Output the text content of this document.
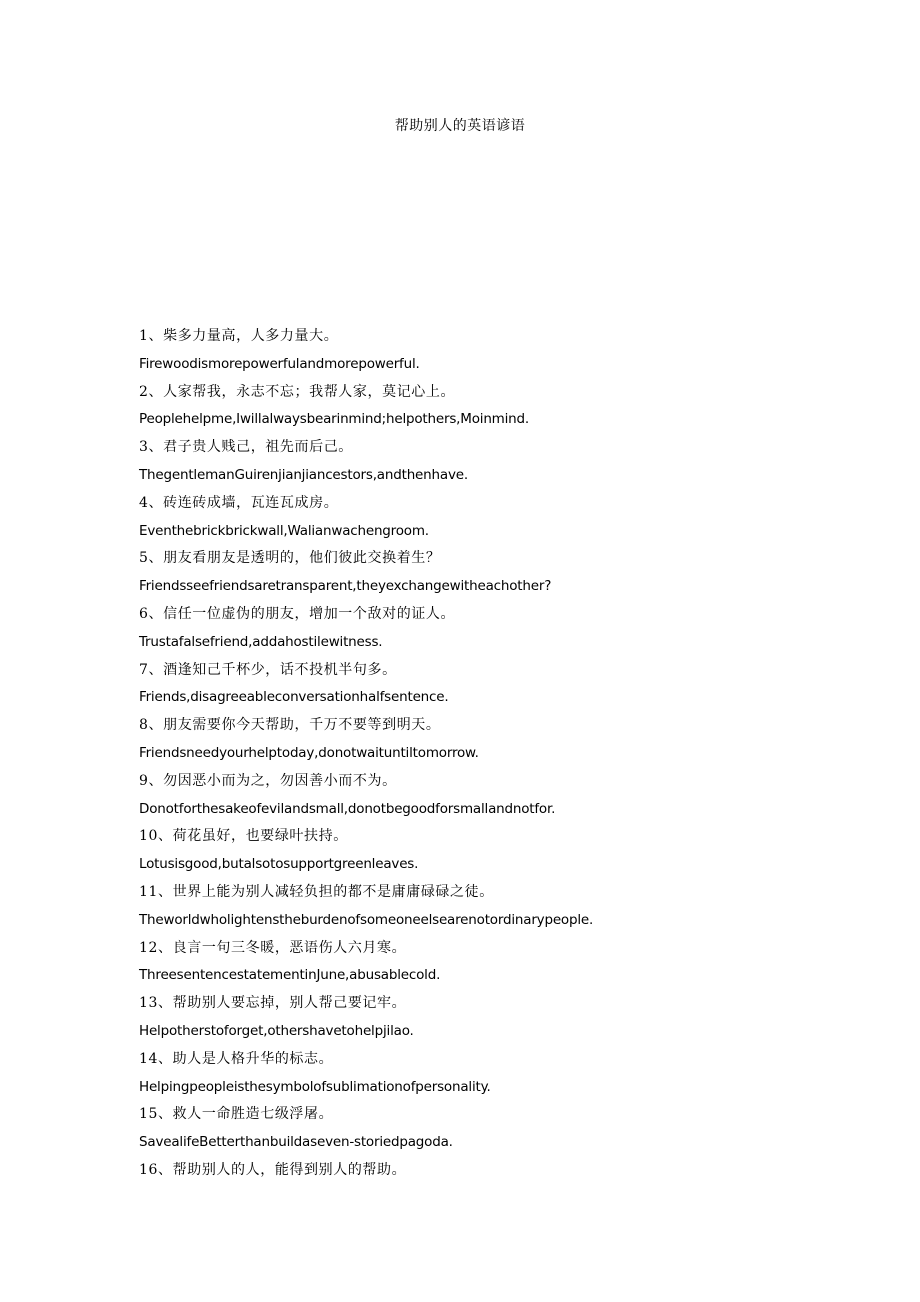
帮助别人的英语谚语
1、柴多力量高，人多力量大。
Firewoodismorepowerfulandmorepowerful.
2、人家帮我，永志不忘；我帮人家，莫记心上。
Peoplehelpme,Iwillalwaysbearinmind;helpothers,Moinmind.
3、君子贵人贱己，祖先而后己。
ThegentlemanGuirenjianjiancestors,andthenhave.
4、砖连砖成墙，瓦连瓦成房。
Eventhebrickbrickwall,Walianwachengroom.
5、朋友看朋友是透明的，他们彼此交换着生？
Friendsseefriendsaretransparent,theyexchangewitheachother?
6、信任一位虚伪的朋友，增加一个敌对的证人。
Trustafalsefriend,addahostilewitness.
7、酒逢知己千杯少，话不投机半句多。
Friends,disagreeableconversationhalfsentence.
8、朋友需要你今天帮助，千万不要等到明天。
Friendsneedyourhelptoday,donotwaituntiltomorrow.
9、勿因恶小而为之，勿因善小而不为。
Donotforthesakeofevilandsmall,donotbegoodforsmallandnotfor.
10、荷花虽好，也要绿叶扶持。
Lotusisgood,butalsotosupportgreenleaves.
11、世界上能为别人减轻负担的都不是庸庸碌碌之徒。
Theworldwholightenstheburdenofsomeoneelsearenotordinarypeople.
12、良言一句三冬暖，恶语伤人六月寒。
ThreesentencestatementinJune,abusablecold.
13、帮助别人要忘掉，别人帮己要记牢。
Helpotherstoforget,othershavetohelpjilao.
14、助人是人格升华的标志。
Helpingpeopleisthesymbolofsublimationofpersonality.
15、救人一命胜造七级浮屠。
SavealifeBetterthanbuildaseven-storiedpagoda.
16、帮助别人的人，能得到别人的帮助。
